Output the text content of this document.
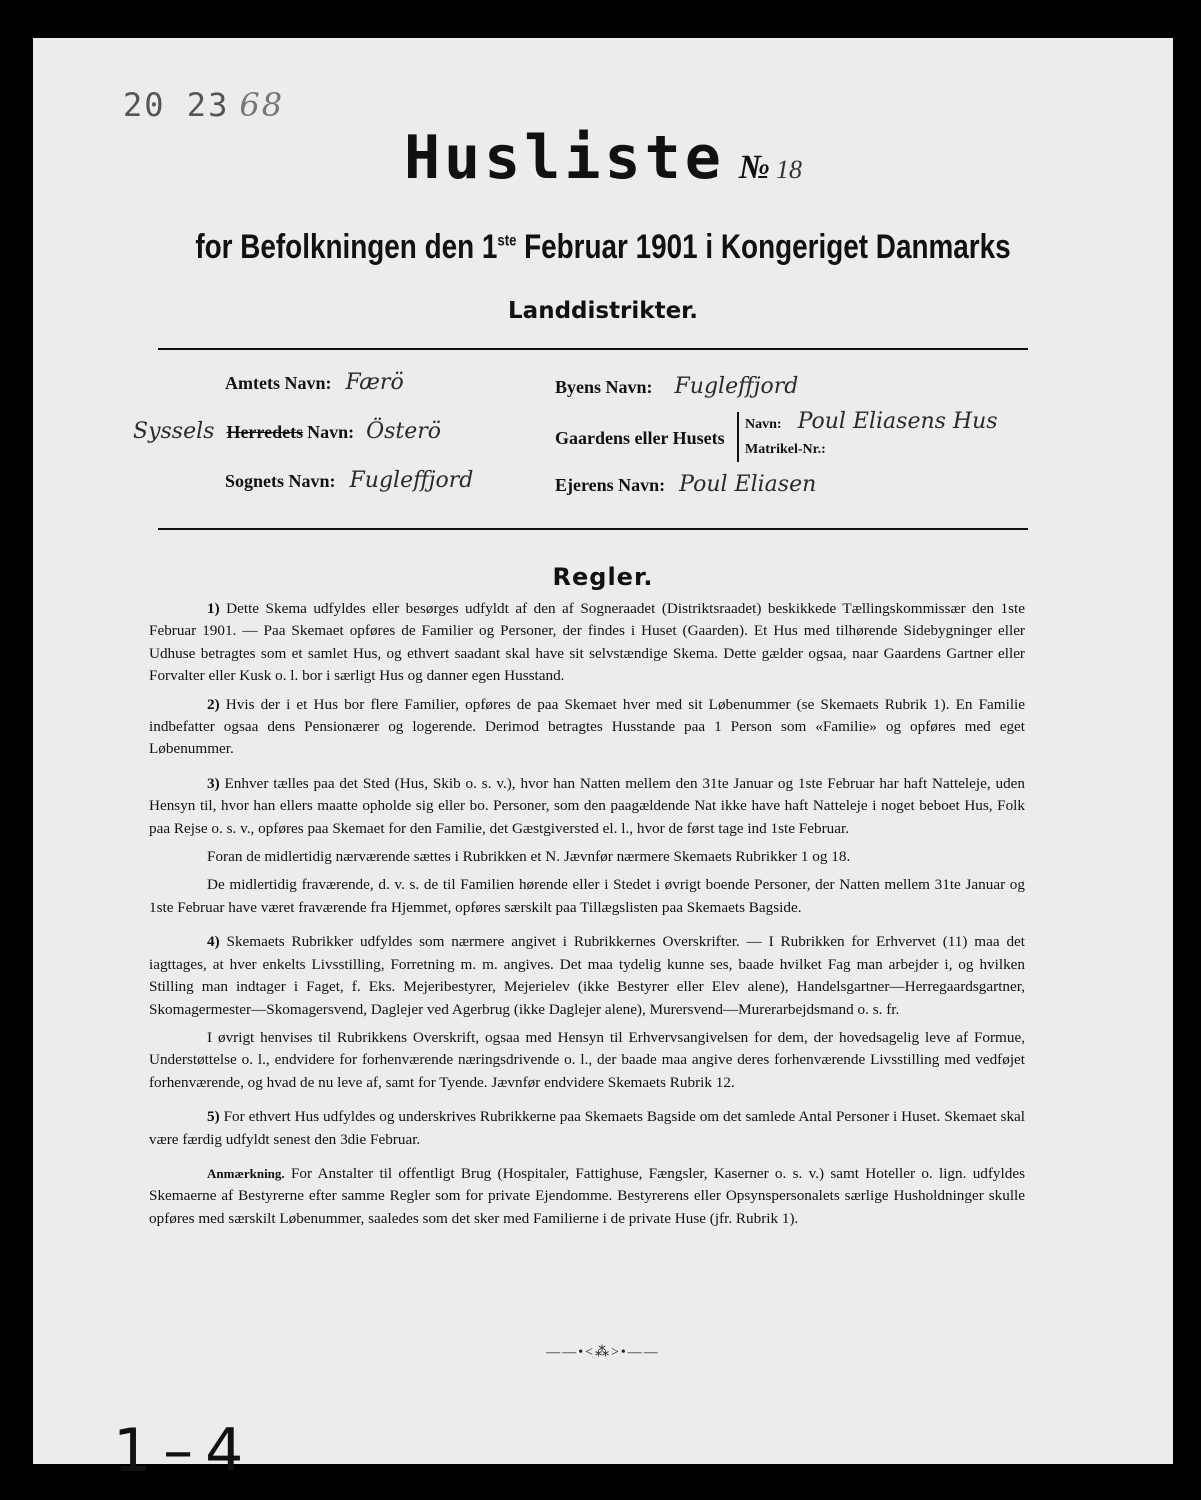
20 23 68
Husliste № 18
for Befolkningen den 1ste Februar 1901 i Kongeriget Danmarks
Landdistrikter.
Amtets Navn: Færö
Syssels Herredets Navn: Österö
Sognets Navn: Fugleffjord
Byens Navn: Fugleffjord
Gaardens eller Husets
Navn: Poul Eliasens Hus
Matrikel-Nr.:
Ejerens Navn: Poul Eliasen
Regler.

1) Dette Skema udfyldes eller besørges udfyldt af den af Sogneraadet (Distriktsraadet) beskikkede Tællingskommissær den 1ste Februar 1901. — Paa Skemaet opføres de Familier og Personer, der findes i Huset (Gaarden). Et Hus med tilhørende Sidebygninger eller Udhuse betragtes som et samlet Hus, og ethvert saadant skal have sit selvstændige Skema. Dette gælder ogsaa, naar Gaardens Gartner eller Forvalter eller Kusk o. l. bor i særligt Hus og danner egen Husstand.

2) Hvis der i et Hus bor flere Familier, opføres de paa Skemaet hver med sit Løbenummer (se Skemaets Rubrik 1). En Familie indbefatter ogsaa dens Pensionærer og logerende. Derimod betragtes Husstande paa 1 Person som «Familie» og opføres med eget Løbenummer.

3) Enhver tælles paa det Sted (Hus, Skib o. s. v.), hvor han Natten mellem den 31te Januar og 1ste Februar har haft Natteleje, uden Hensyn til, hvor han ellers maatte opholde sig eller bo. Personer, som den paagældende Nat ikke have haft Natteleje i noget beboet Hus, Folk paa Rejse o. s. v., opføres paa Skemaet for den Familie, det Gæstgiversted el. l., hvor de først tage ind 1ste Februar.

Foran de midlertidig nærværende sættes i Rubrikken et N. Jævnfør nærmere Skemaets Rubrikker 1 og 18.

De midlertidig fraværende, d. v. s. de til Familien hørende eller i Stedet i øvrigt boende Personer, der Natten mellem 31te Januar og 1ste Februar have været fraværende fra Hjemmet, opføres særskilt paa Tillægslisten paa Skemaets Bagside.

4) Skemaets Rubrikker udfyldes som nærmere angivet i Rubrikkernes Overskrifter. — I Rubrikken for Erhvervet (11) maa det iagttages, at hver enkelts Livsstilling, Forretning m. m. angives. Det maa tydelig kunne ses, baade hvilket Fag man arbejder i, og hvilken Stilling man indtager i Faget, f. Eks. Mejeribestyrer, Mejerielev (ikke Bestyrer eller Elev alene), Handelsgartner—Herregaardsgartner, Skomagermester—Skomagersvend, Daglejer ved Agerbrug (ikke Daglejer alene), Murersvend—Murerarbejdsmand o. s. fr.

I øvrigt henvises til Rubrikkens Overskrift, ogsaa med Hensyn til Erhvervsangivelsen for dem, der hovedsagelig leve af Formue, Understøttelse o. l., endvidere for forhenværende næringsdrivende o. l., der baade maa angive deres forhenværende Livsstilling med vedføjet forhenværende, og hvad de nu leve af, samt for Tyende. Jævnfør endvidere Skemaets Rubrik 12.

5) For ethvert Hus udfyldes og underskrives Rubrikkerne paa Skemaets Bagside om det samlede Antal Personer i Huset. Skemaet skal være færdig udfyldt senest den 3die Februar.

Anmærkning. For Anstalter til offentligt Brug (Hospitaler, Fattighuse, Fængsler, Kaserner o. s. v.) samt Hoteller o. lign. udfyldes Skemaerne af Bestyrerne efter samme Regler som for private Ejendomme. Bestyrerens eller Opsynspersonalets særlige Husholdninger skulle opføres med særskilt Løbenummer, saaledes som det sker med Familierne i de private Huse (jfr. Rubrik 1).

——•<⁂>•——
1–4
